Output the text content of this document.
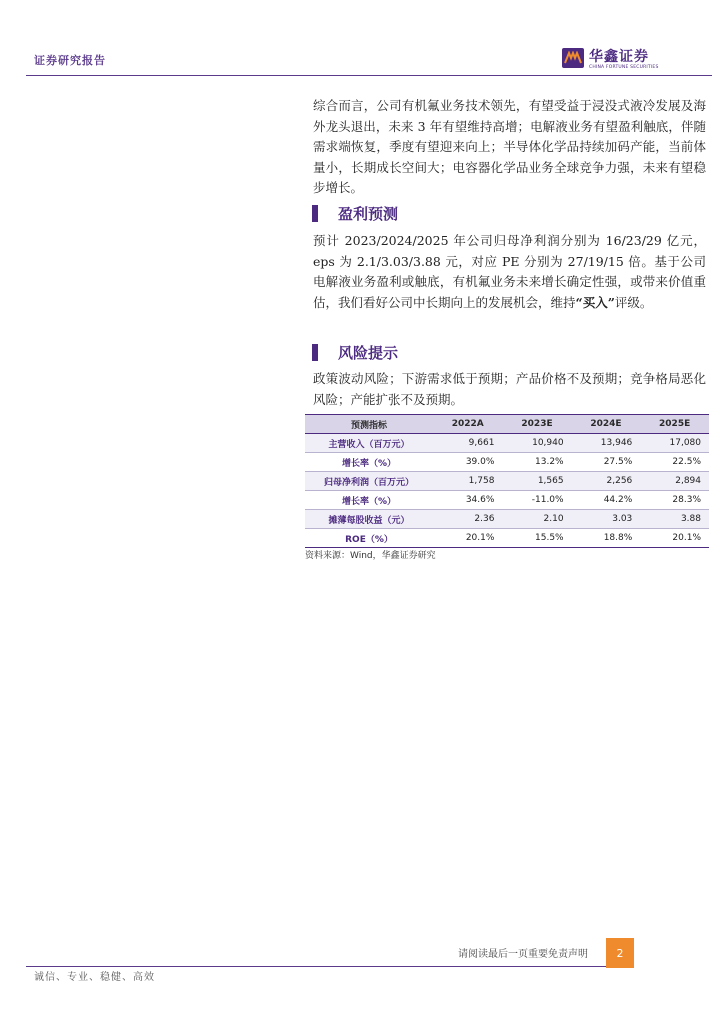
证券研究报告	华鑫证券
CHINA FORTUNE SECURITIES
综合而言，公司有机氟业务技术领先，有望受益于浸没式液冷发展及海外龙头退出，未来 3 年有望维持高增；电解液业务有望盈利触底，伴随需求端恢复，季度有望迎来向上；半导体化学品持续加码产能，当前体量小，长期成长空间大；电容器化学品业务全球竞争力强，未来有望稳步增长。
盈利预测
预计 2023/2024/2025 年公司归母净利润分别为 16/23/29 亿元，eps 为 2.1/3.03/3.88 元，对应 PE 分别为 27/19/15 倍。基于公司电解液业务盈利或触底，有机氟业务未来增长确定性强，或带来价值重估，我们看好公司中长期向上的发展机会，维持“买入”评级。
风险提示
政策波动风险；下游需求低于预期；产品价格不及预期；竞争格局恶化风险；产能扩张不及预期。
预测指标	2022A	2023E	2024E	2025E
主营收入（百万元）	9,661	10,940	13,946	17,080
增长率（%）	39.0%	13.2%	27.5%	22.5%
归母净利润（百万元）	1,758	1,565	2,256	2,894
增长率（%）	34.6%	-11.0%	44.2%	28.3%
摊薄每股收益（元）	2.36	2.10	3.03	3.88
ROE（%）	20.1%	15.5%	18.8%	20.1%
资料来源：Wind，华鑫证券研究
请阅读最后一页重要免责声明	2
诚信、专业、稳健、高效
